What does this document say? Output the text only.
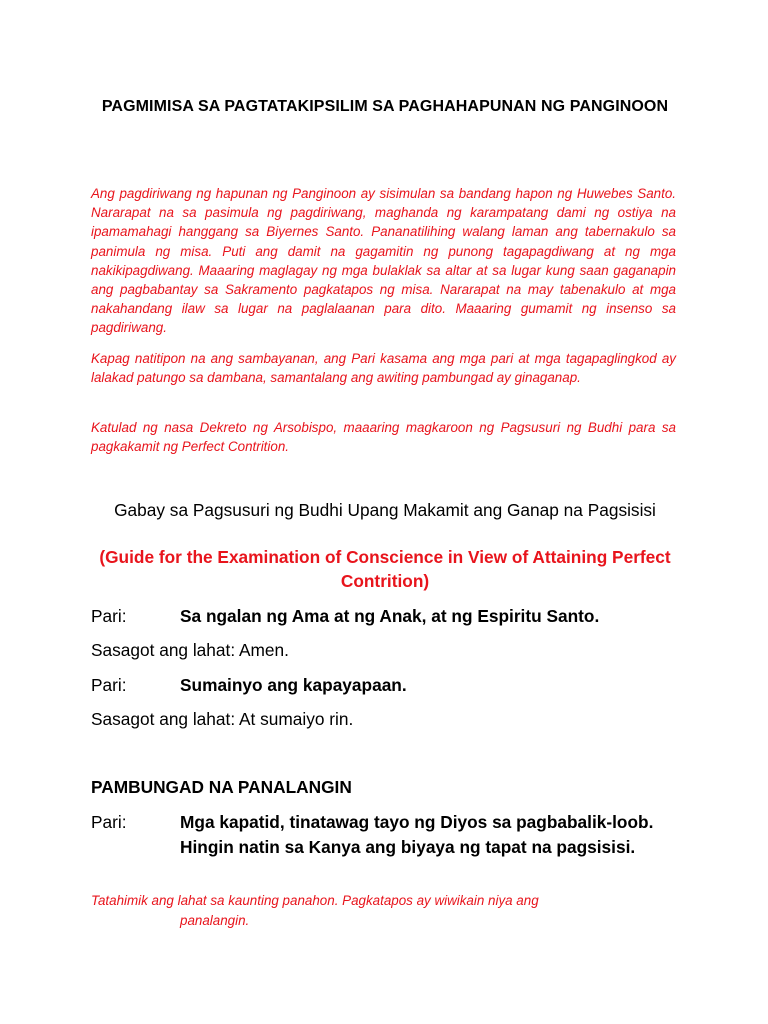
PAGMIMISA SA PAGTATAKIPSILIM SA PAGHAHAPUNAN NG PANGINOON

Ang pagdiriwang ng hapunan ng Panginoon ay sisimulan sa bandang hapon ng Huwebes Santo. Nararapat na sa pasimula ng pagdiriwang, maghanda ng karampatang dami ng ostiya na ipamamahagi hanggang sa Biyernes Santo. Pananatilihing walang laman ang tabernakulo sa panimula ng misa. Puti ang damit na gagamitin ng punong tagapagdiwang at ng mga nakikipagdiwang. Maaaring maglagay ng mga bulaklak sa altar at sa lugar kung saan gaganapin ang pagbabantay sa Sakramento pagkatapos ng misa. Nararapat na may tabenakulo at mga nakahandang ilaw sa lugar na paglalaanan para dito. Maaaring gumamit ng insenso sa pagdiriwang.

Kapag natitipon na ang sambayanan, ang Pari kasama ang mga pari at mga tagapaglingkod ay lalakad patungo sa dambana, samantalang ang awiting pambungad ay ginaganap.

Katulad ng nasa Dekreto ng Arsobispo, maaaring magkaroon ng Pagsusuri ng Budhi para sa pagkakamit ng Perfect Contrition.

Gabay sa Pagsusuri ng Budhi Upang Makamit ang Ganap na Pagsisisi
(Guide for the Examination of Conscience in View of Attaining Perfect Contrition)
Pari:	Sa ngalan ng Ama at ng Anak, at ng Espiritu Santo.
Sasagot ang lahat: Amen.
Pari:	Sumainyo ang kapayapaan.
Sasagot ang lahat: At sumaiyo rin.
PAMBUNGAD NA PANALANGIN
Pari:	Mga kapatid, tinatawag tayo ng Diyos sa pagbabalik-loob. Hingin natin sa Kanya ang biyaya ng tapat na pagsisisi.
Tatahimik ang lahat sa kaunting panahon. Pagkatapos ay wiwikain niya ang
panalangin.
